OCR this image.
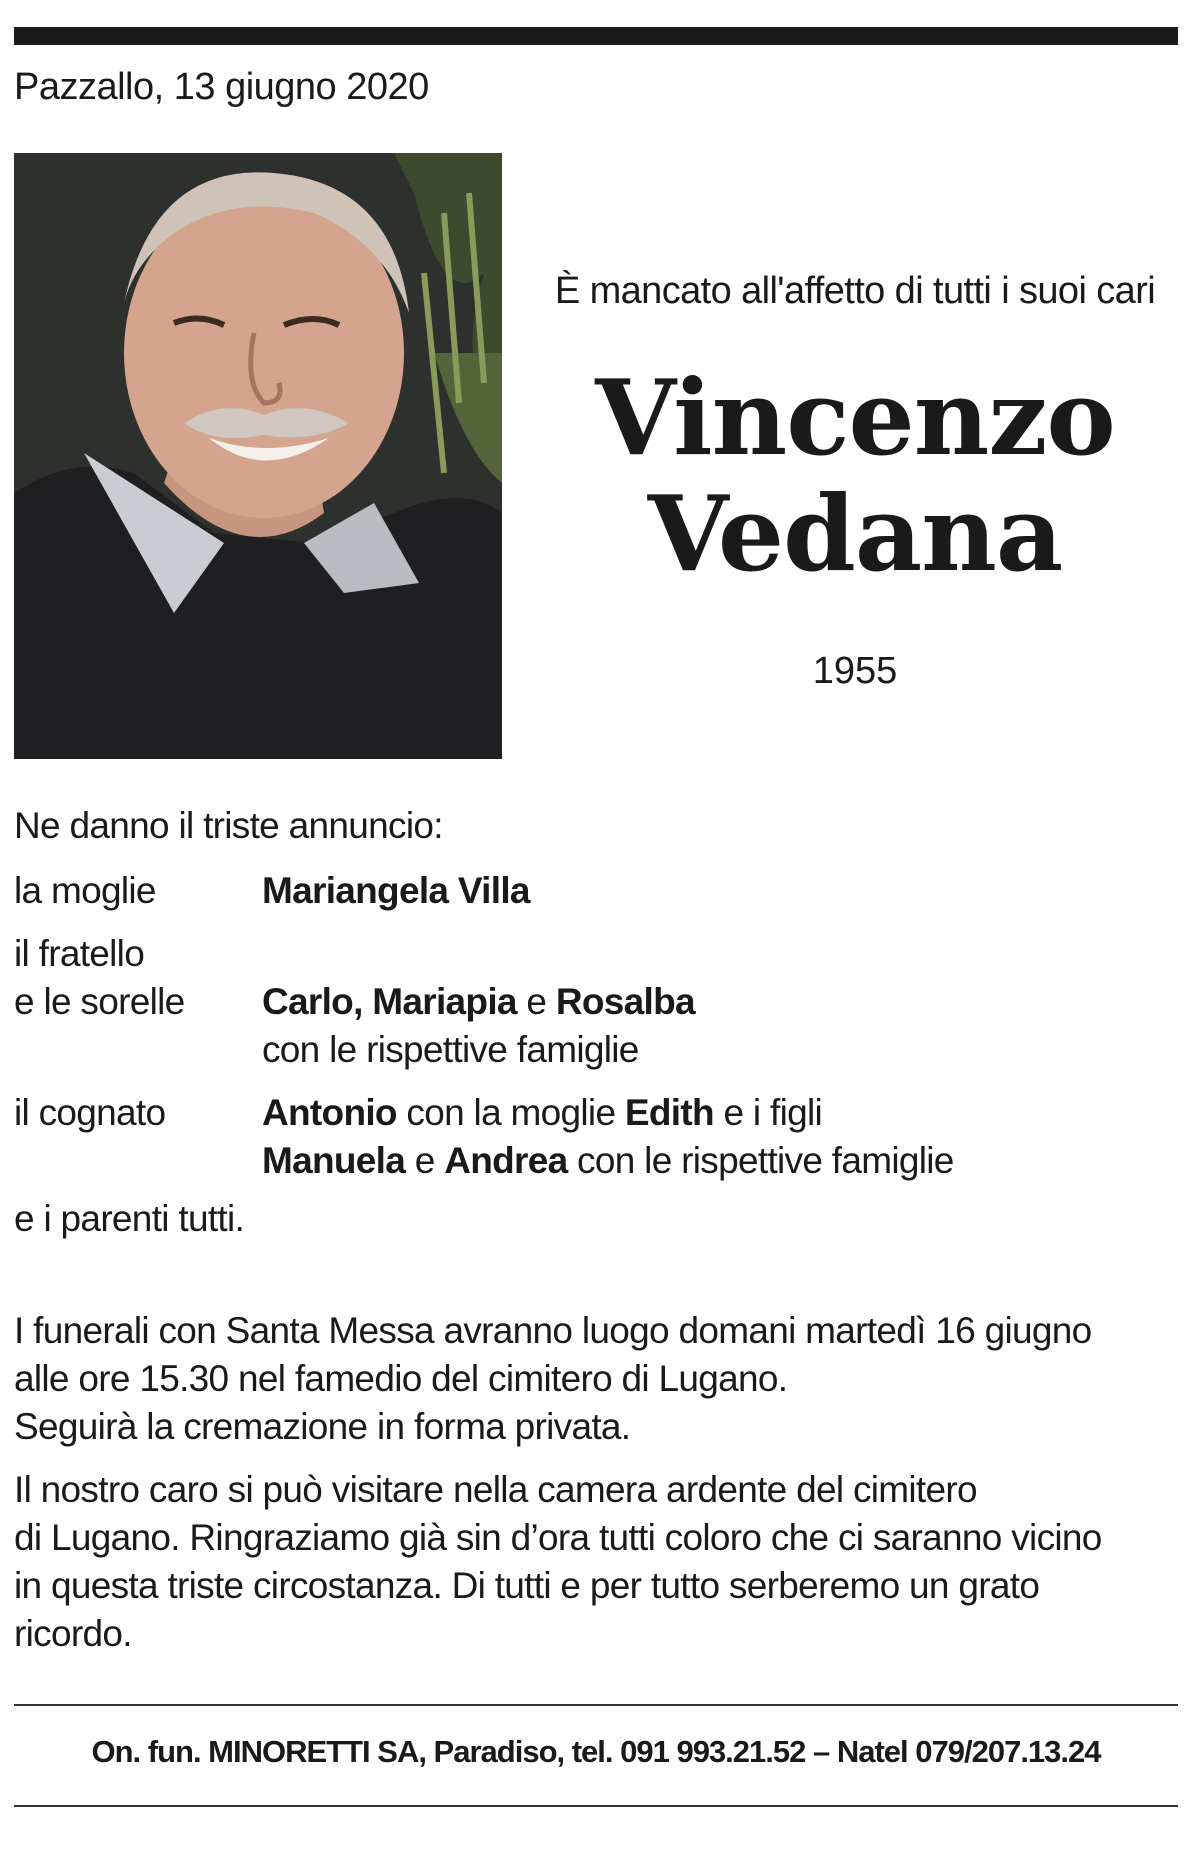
Pazzallo, 13 giugno 2020
È mancato all'affetto di tutti i suoi cari
Vincenzo
Vedana
1955
Ne danno il triste annuncio:
la moglie	Mariangela Villa
il fratello
e le sorelle Carlo, Mariapia e Rosalba
con le rispettive famiglie
il cognato	Antonio con la moglie Edith e i figli
Manuela e Andrea con le rispettive famiglie
e i parenti tutti.
I funerali con Santa Messa avranno luogo domani martedì 16 giugno
alle ore 15.30 nel famedio del cimitero di Lugano.
Seguirà la cremazione in forma privata.
Il nostro caro si può visitare nella camera ardente del cimitero
di Lugano. Ringraziamo già sin d’ora tutti coloro che ci saranno vicino
in questa triste circostanza. Di tutti e per tutto serberemo un grato
ricordo.
On. fun. MINORETTI SA, Paradiso, tel. 091 993.21.52 – Natel 079/207.13.24
